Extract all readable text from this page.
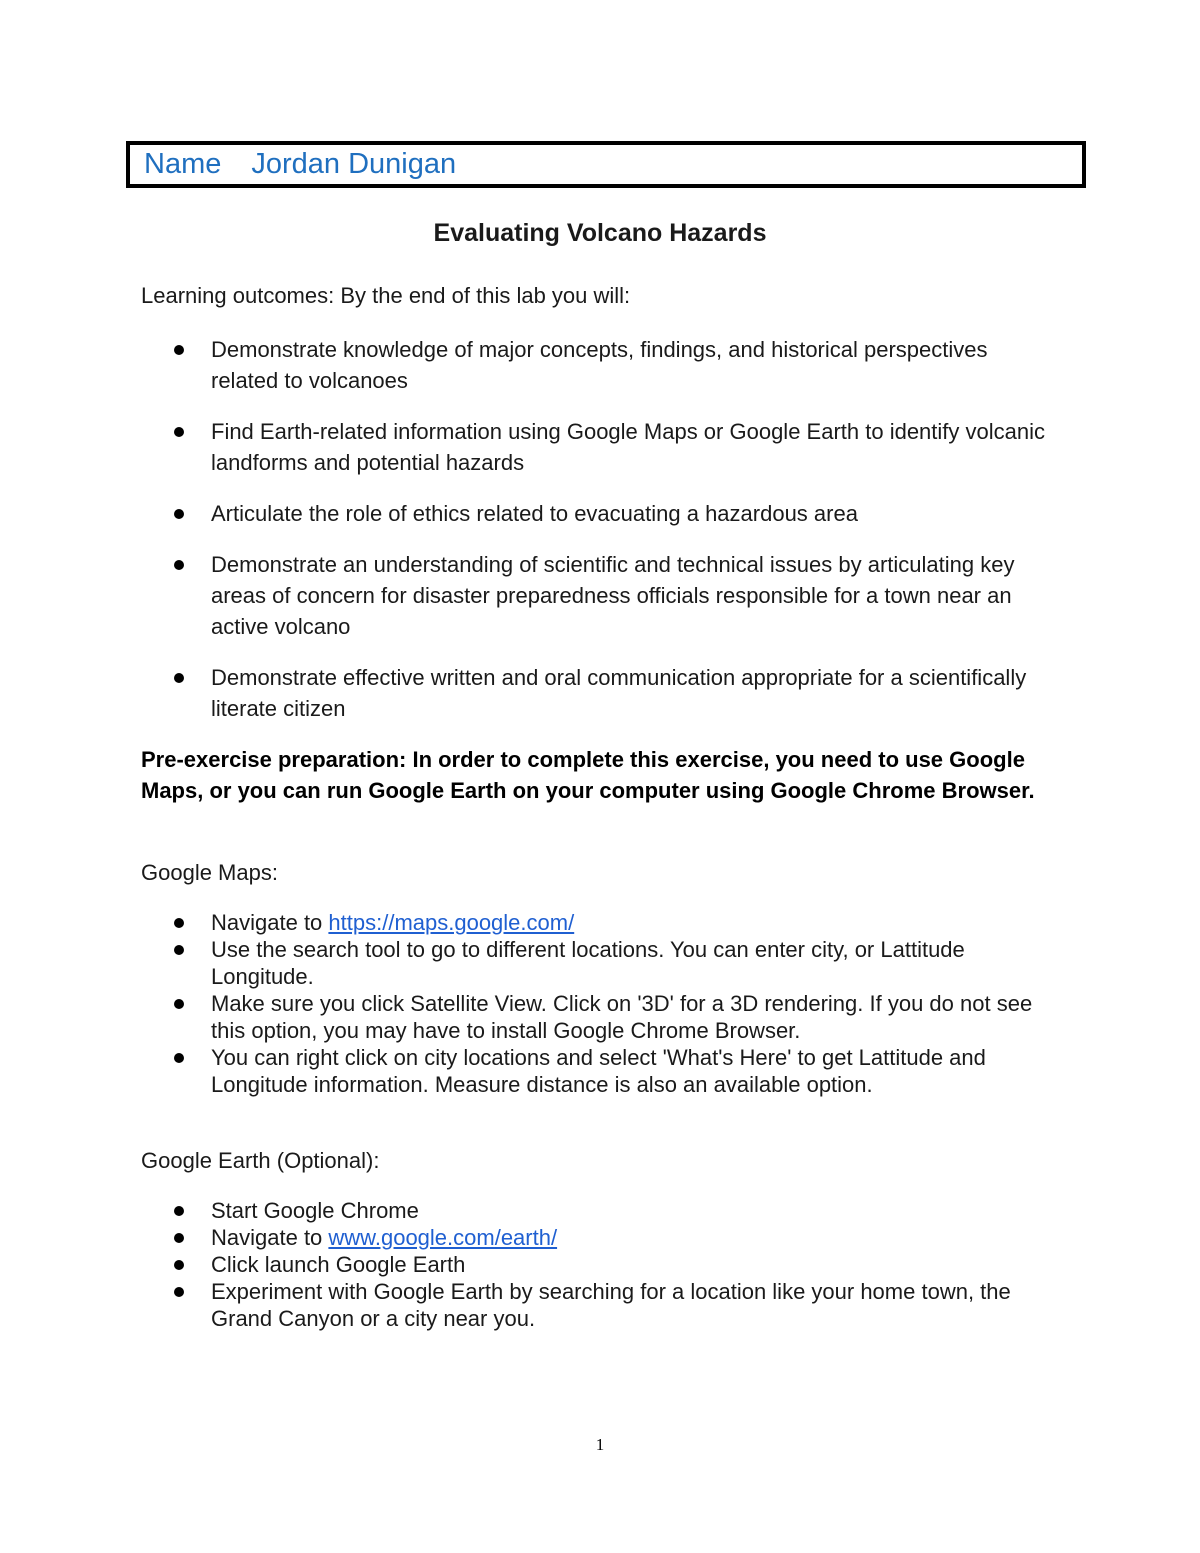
Name Jordan Dunigan
Evaluating Volcano Hazards
Learning outcomes: By the end of this lab you will:
Demonstrate knowledge of major concepts, findings, and historical perspectives related to volcanoes
Find Earth-related information using Google Maps or Google Earth to identify volcanic landforms and potential hazards
Articulate the role of ethics related to evacuating a hazardous area
Demonstrate an understanding of scientific and technical issues by articulating key areas of concern for disaster preparedness officials responsible for a town near an active volcano
Demonstrate effective written and oral communication appropriate for a scientifically literate citizen
Pre-exercise preparation: In order to complete this exercise, you need to use Google Maps, or you can run Google Earth on your computer using Google Chrome Browser.
Google Maps:
Navigate to https://maps.google.com/
Use the search tool to go to different locations. You can enter city, or Lattitude Longitude.
Make sure you click Satellite View. Click on '3D' for a 3D rendering. If you do not see this option, you may have to install Google Chrome Browser.
You can right click on city locations and select 'What's Here' to get Lattitude and Longitude information. Measure distance is also an available option.
Google Earth (Optional):
Start Google Chrome
Navigate to www.google.com/earth/
Click launch Google Earth
Experiment with Google Earth by searching for a location like your home town, the Grand Canyon or a city near you.
1
